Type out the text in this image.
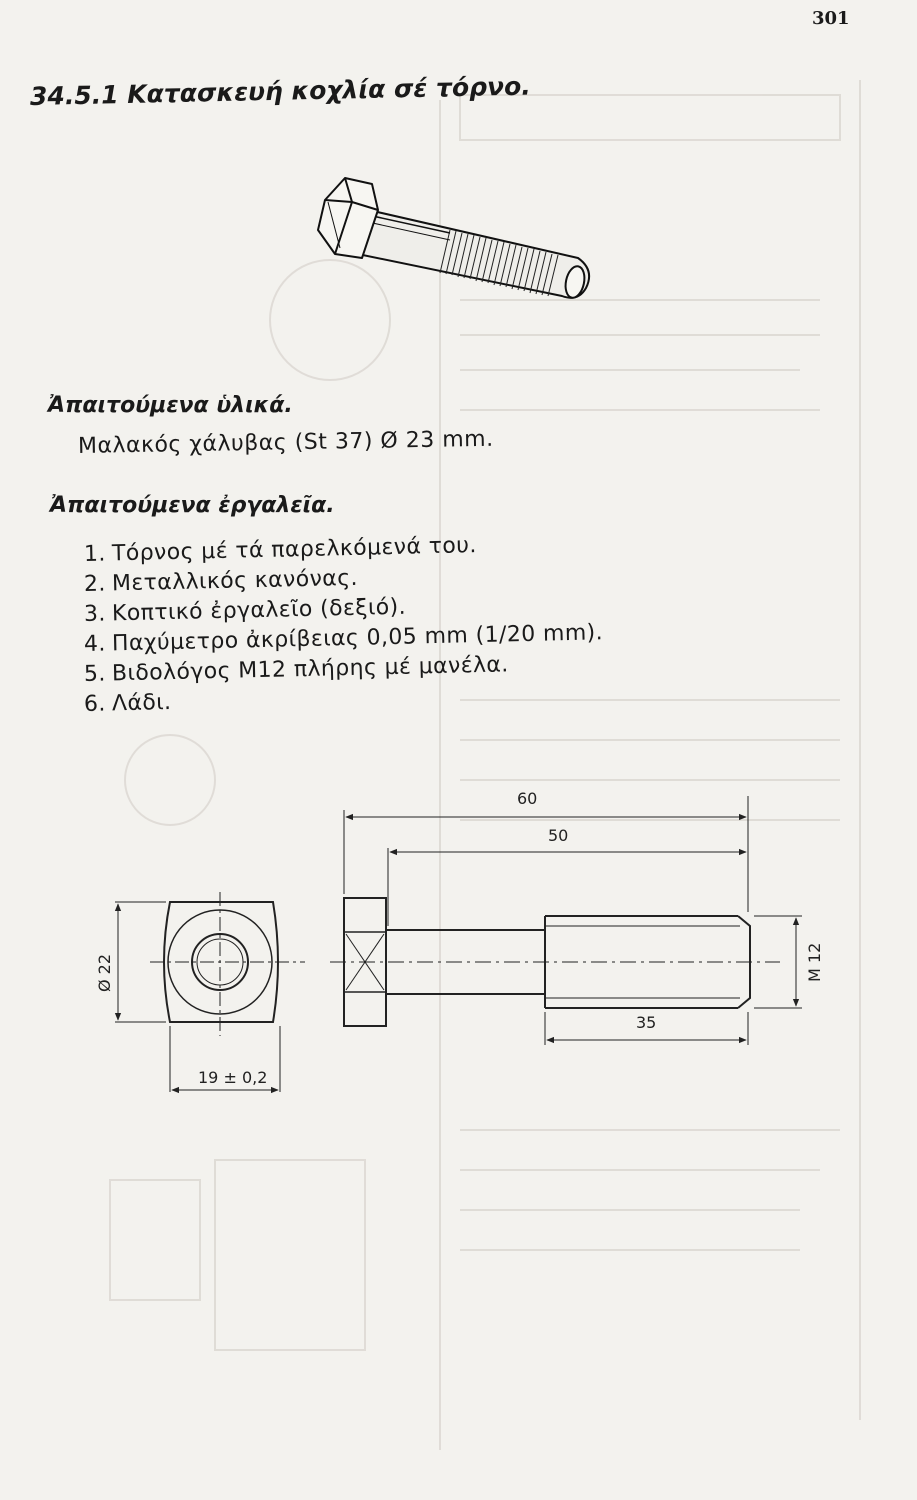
301
34.5.1 Κατασκευή κοχλία σέ τόρνο.
Ἀπαιτούμενα ὑλικά.
Μαλακός χάλυβας (St 37) Ø 23 mm.
Ἀπαιτούμενα ἐργαλεῖα.
1. Τόρνος μέ τά παρελκόμενά του.
2. Μεταλλικός κανόνας.
3. Κοπτικό ἐργαλεῖο (δεξιό).
4. Παχύμετρο ἀκρίβειας 0,05 mm (1/20 mm).
5. Βιδολόγος Μ12 πλήρης μέ μανέλα.
6. Λάδι.
60
50
35
Ø 22
19 ± 0,2
M 12
